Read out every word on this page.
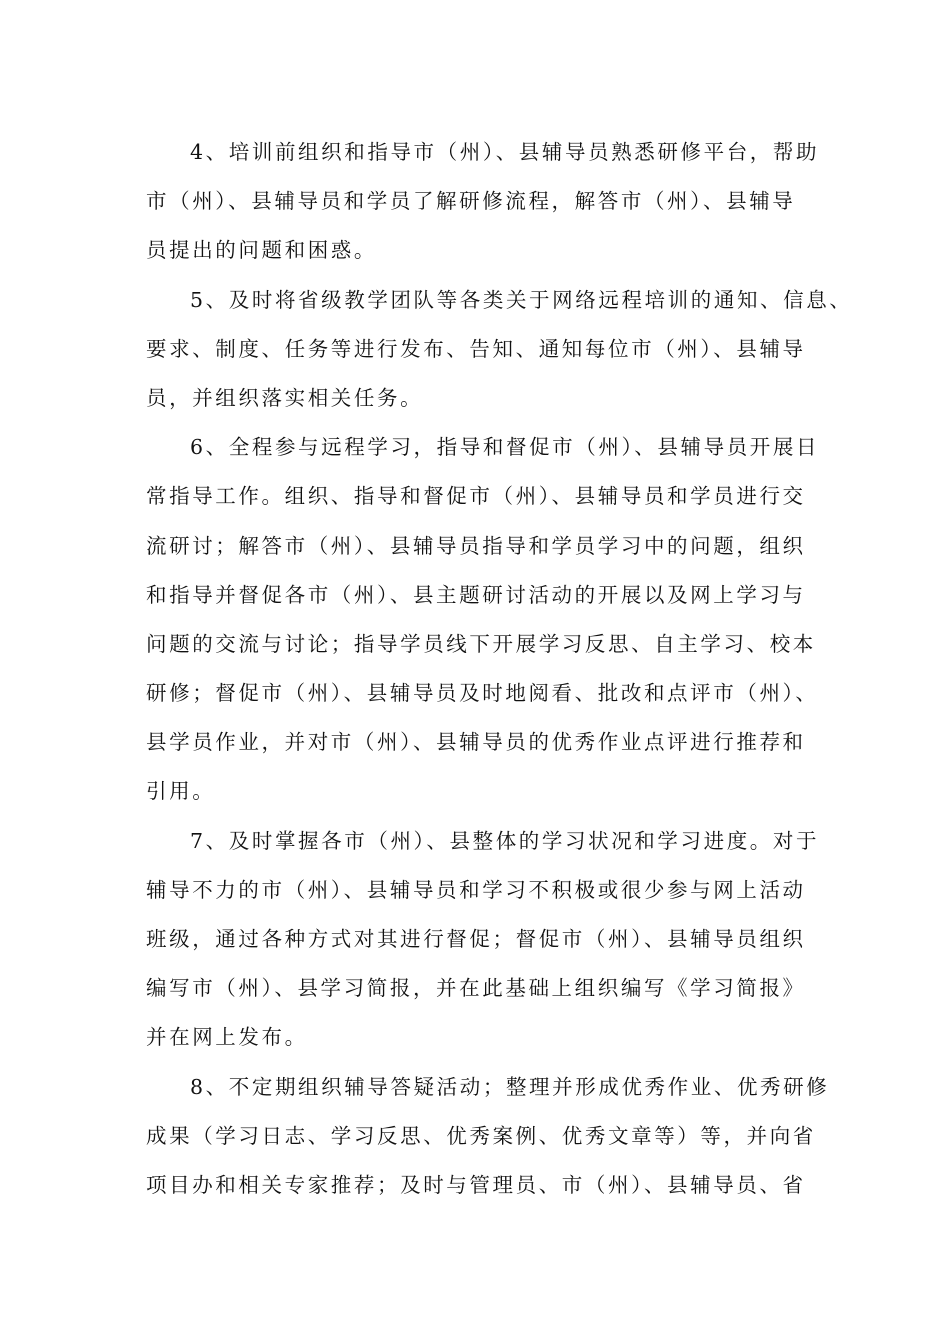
4、培训前组织和指导市（州）、县辅导员熟悉研修平台，帮助

市（州）、县辅导员和学员了解研修流程，解答市（州）、县辅导

员提出的问题和困惑。

5、及时将省级教学团队等各类关于网络远程培训的通知、信息、

要求、制度、任务等进行发布、告知、通知每位市（州）、县辅导

员，并组织落实相关任务。

6、全程参与远程学习，指导和督促市（州）、县辅导员开展日

常指导工作。组织、指导和督促市（州）、县辅导员和学员进行交

流研讨；解答市（州）、县辅导员指导和学员学习中的问题，组织

和指导并督促各市（州）、县主题研讨活动的开展以及网上学习与

问题的交流与讨论；指导学员线下开展学习反思、自主学习、校本

研修；督促市（州）、县辅导员及时地阅看、批改和点评市（州）、

县学员作业，并对市（州）、县辅导员的优秀作业点评进行推荐和

引用。

7、及时掌握各市（州）、县整体的学习状况和学习进度。对于

辅导不力的市（州）、县辅导员和学习不积极或很少参与网上活动

班级，通过各种方式对其进行督促；督促市（州）、县辅导员组织

编写市（州）、县学习简报，并在此基础上组织编写《学习简报》

并在网上发布。

8、不定期组织辅导答疑活动；整理并形成优秀作业、优秀研修

成果（学习日志、学习反思、优秀案例、优秀文章等）等，并向省

项目办和相关专家推荐；及时与管理员、市（州）、县辅导员、省
